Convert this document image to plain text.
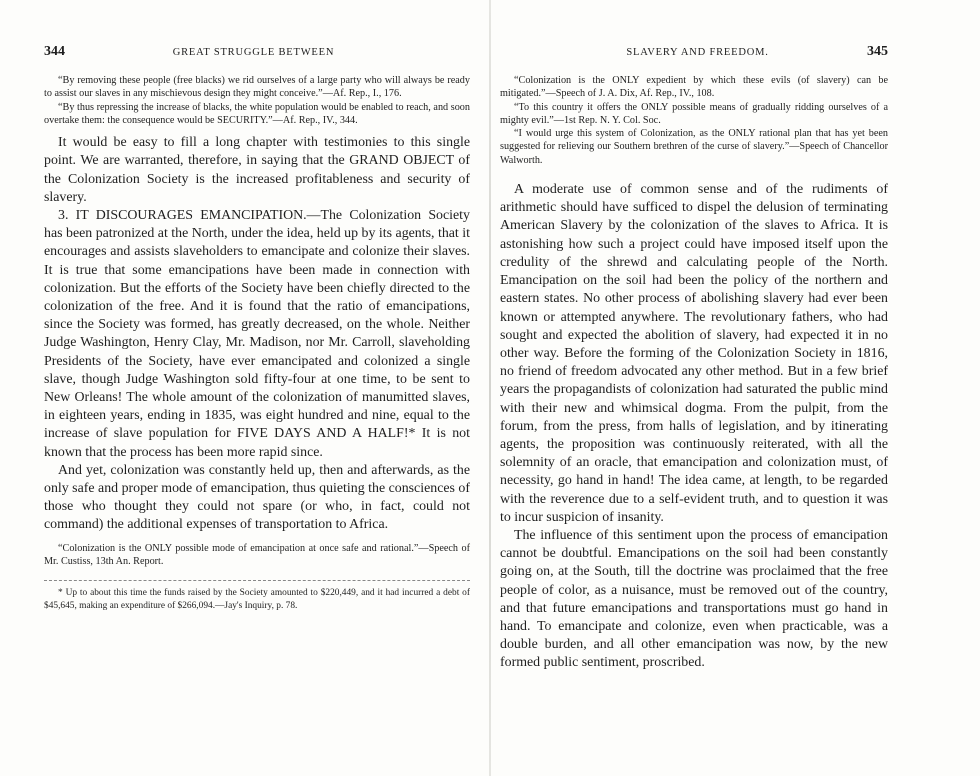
344	GREAT STRUGGLE BETWEEN

“By removing these people (free blacks) we rid ourselves of a large party who will always be ready to assist our slaves in any mischievous design they might conceive.”—Af. Rep., I., 176.

“By thus repressing the increase of blacks, the white population would be enabled to reach, and soon overtake them: the consequence would be SECURITY.”—Af. Rep., IV., 344.

It would be easy to fill a long chapter with testimonies to this single point. We are warranted, therefore, in saying that the GRAND OBJECT of the Colonization Society is the increased profitableness and security of slavery.

3. IT DISCOURAGES EMANCIPATION.—The Colonization Society has been patronized at the North, under the idea, held up by its agents, that it encourages and assists slaveholders to emancipate and colonize their slaves. It is true that some emancipations have been made in connection with colonization. But the efforts of the Society have been chiefly directed to the colonization of the free. And it is found that the ratio of emancipations, since the Society was formed, has greatly decreased, on the whole. Neither Judge Washington, Henry Clay, Mr. Madison, nor Mr. Carroll, slaveholding Presidents of the Society, have ever emancipated and colonized a single slave, though Judge Washington sold fifty-four at one time, to be sent to New Orleans! The whole amount of the colonization of manumitted slaves, in eighteen years, ending in 1835, was eight hundred and nine, equal to the increase of slave population for FIVE DAYS AND A HALF!* It is not known that the process has been more rapid since.

And yet, colonization was constantly held up, then and afterwards, as the only safe and proper mode of emancipation, thus quieting the consciences of those who thought they could not spare (or who, in fact, could not command) the additional expenses of transportation to Africa.

“Colonization is the ONLY possible mode of emancipation at once safe and rational.”—Speech of Mr. Custiss, 13th An. Report.

* Up to about this time the funds raised by the Society amounted to $220,449, and it had incurred a debt of $45,645, making an expenditure of $266,094.—Jay's Inquiry, p. 78.

SLAVERY AND FREEDOM.	345

“Colonization is the ONLY expedient by which these evils (of slavery) can be mitigated.”—Speech of J. A. Dix, Af. Rep., IV., 108.

“To this country it offers the ONLY possible means of gradually ridding ourselves of a mighty evil.”—1st Rep. N. Y. Col. Soc.

“I would urge this system of Colonization, as the ONLY rational plan that has yet been suggested for relieving our Southern brethren of the curse of slavery.”—Speech of Chancellor Walworth.

A moderate use of common sense and of the rudiments of arithmetic should have sufficed to dispel the delusion of terminating American Slavery by the colonization of the slaves to Africa. It is astonishing how such a project could have imposed itself upon the credulity of the shrewd and calculating people of the North. Emancipation on the soil had been the policy of the northern and eastern states. No other process of abolishing slavery had ever been known or attempted anywhere. The revolutionary fathers, who had sought and expected the abolition of slavery, had expected it in no other way. Before the forming of the Colonization Society in 1816, no friend of freedom advocated any other method. But in a few brief years the propagandists of colonization had saturated the public mind with their new and whimsical dogma. From the pulpit, from the forum, from the press, from halls of legislation, and by itinerating agents, the proposition was continuously reiterated, with all the solemnity of an oracle, that emancipation and colonization must, of necessity, go hand in hand! The idea came, at length, to be regarded with the reverence due to a self-evident truth, and to question it was to incur suspicion of insanity.

The influence of this sentiment upon the process of emancipation cannot be doubtful. Emancipations on the soil had been constantly going on, at the South, till the doctrine was proclaimed that the free people of color, as a nuisance, must be removed out of the country, and that future emancipations and transportations must go hand in hand. To emancipate and colonize, even when practicable, was a double burden, and all other emancipation was now, by the new formed public sentiment, proscribed.
